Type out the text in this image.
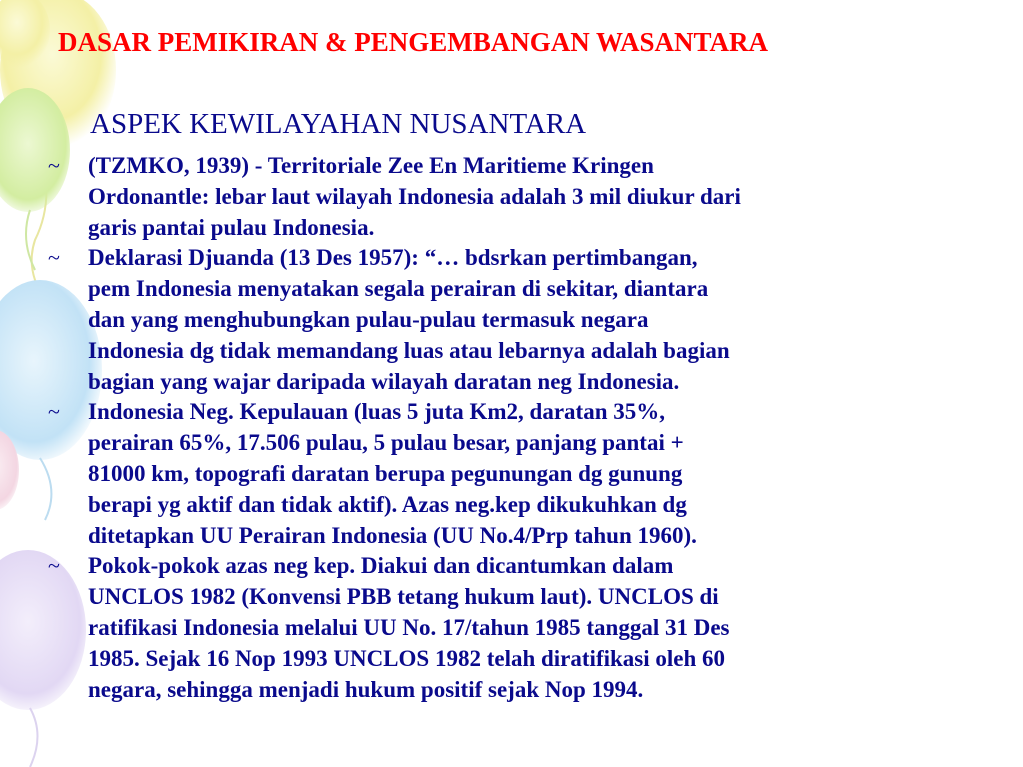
DASAR PEMIKIRAN & PENGEMBANGAN WASANTARA
ASPEK KEWILAYAHAN NUSANTARA
~	(TZMKO, 1939) - Territoriale Zee En Maritieme Kringen
Ordonantle: lebar laut wilayah Indonesia adalah 3 mil diukur dari
garis pantai pulau Indonesia.
~	Deklarasi Djuanda (13 Des 1957): “… bdsrkan pertimbangan,
pem Indonesia menyatakan segala perairan di sekitar, diantara
dan yang menghubungkan pulau-pulau termasuk negara
Indonesia dg tidak memandang luas atau lebarnya adalah bagian
bagian yang wajar daripada wilayah daratan neg Indonesia.
~	Indonesia Neg. Kepulauan (luas 5 juta Km2, daratan 35%,
perairan 65%, 17.506 pulau, 5 pulau besar, panjang pantai +
81000 km, topografi daratan berupa pegunungan dg gunung
berapi yg aktif dan tidak aktif). Azas neg.kep dikukuhkan dg
ditetapkan UU Perairan Indonesia (UU No.4/Prp tahun 1960).
~	Pokok-pokok azas neg kep. Diakui dan dicantumkan dalam
UNCLOS 1982 (Konvensi PBB tetang hukum laut). UNCLOS di
ratifikasi Indonesia melalui UU No. 17/tahun 1985 tanggal 31 Des
1985. Sejak 16 Nop 1993 UNCLOS 1982 telah diratifikasi oleh 60
negara, sehingga menjadi hukum positif sejak Nop 1994.
